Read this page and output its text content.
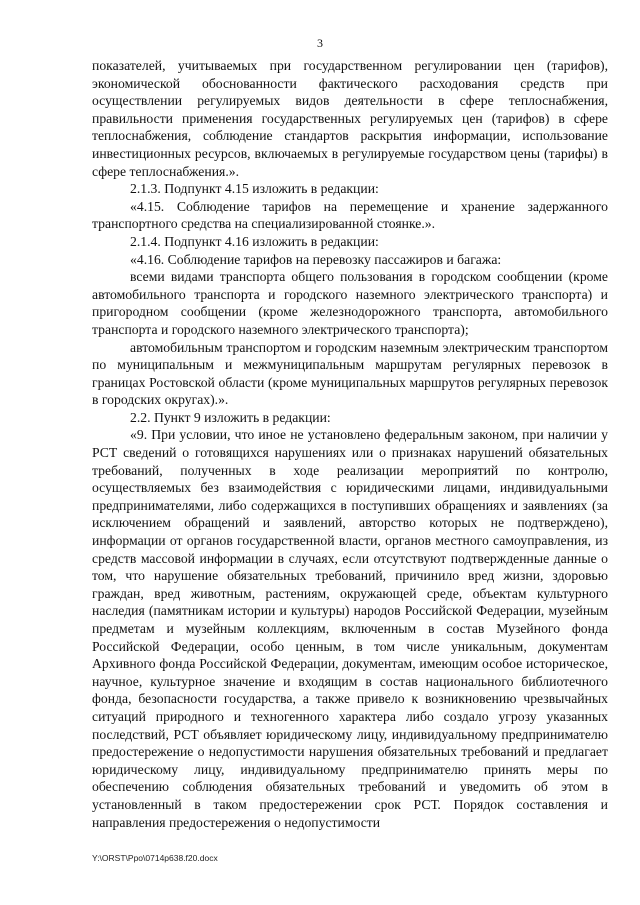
3

показателей, учитываемых при государственном регулировании цен (тарифов), экономической обоснованности фактического расходования средств при осуществлении регулируемых видов деятельности в сфере теплоснабжения, правильности применения государственных регулируемых цен (тарифов) в сфере теплоснабжения, соблюдение стандартов раскрытия информации, использование инвестиционных ресурсов, включаемых в регулируемые государством цены (тарифы) в сфере теплоснабжения.».

2.1.3. Подпункт 4.15 изложить в редакции:

«4.15. Соблюдение тарифов на перемещение и хранение задержанного транспортного средства на специализированной стоянке.».

2.1.4. Подпункт 4.16 изложить в редакции:

«4.16. Соблюдение тарифов на перевозку пассажиров и багажа:

всеми видами транспорта общего пользования в городском сообщении (кроме автомобильного транспорта и городского наземного электрического транспорта) и пригородном сообщении (кроме железнодорожного транспорта, автомобильного транспорта и городского наземного электрического транспорта);

автомобильным транспортом и городским наземным электрическим транспортом по муниципальным и межмуниципальным маршрутам регулярных перевозок в границах Ростовской области (кроме муниципальных маршрутов регулярных перевозок в городских округах).».

2.2. Пункт 9 изложить в редакции:

«9. При условии, что иное не установлено федеральным законом, при наличии у РСТ сведений о готовящихся нарушениях или о признаках нарушений обязательных требований, полученных в ходе реализации мероприятий по контролю, осуществляемых без взаимодействия с юридическими лицами, индивидуальными предпринимателями, либо содержащихся в поступивших обращениях и заявлениях (за исключением обращений и заявлений, авторство которых не подтверждено), информации от органов государственной власти, органов местного самоуправления, из средств массовой информации в случаях, если отсутствуют подтвержденные данные о том, что нарушение обязательных требований, причинило вред жизни, здоровью граждан, вред животным, растениям, окружающей среде, объектам культурного наследия (памятникам истории и культуры) народов Российской Федерации, музейным предметам и музейным коллекциям, включенным в состав Музейного фонда Российской Федерации, особо ценным, в том числе уникальным, документам Архивного фонда Российской Федерации, документам, имеющим особое историческое, научное, культурное значение и входящим в состав национального библиотечного фонда, безопасности государства, а также привело к возникновению чрезвычайных ситуаций природного и техногенного характера либо создало угрозу указанных последствий, РСТ объявляет юридическому лицу, индивидуальному предпринимателю предостережение о недопустимости нарушения обязательных требований и предлагает юридическому лицу, индивидуальному предпринимателю принять меры по обеспечению соблюдения обязательных требований и уведомить об этом в установленный в таком предостережении срок РСТ. Порядок составления и направления предостережения о недопустимости

Y:\ORST\Ppo\0714p638.f20.docx
